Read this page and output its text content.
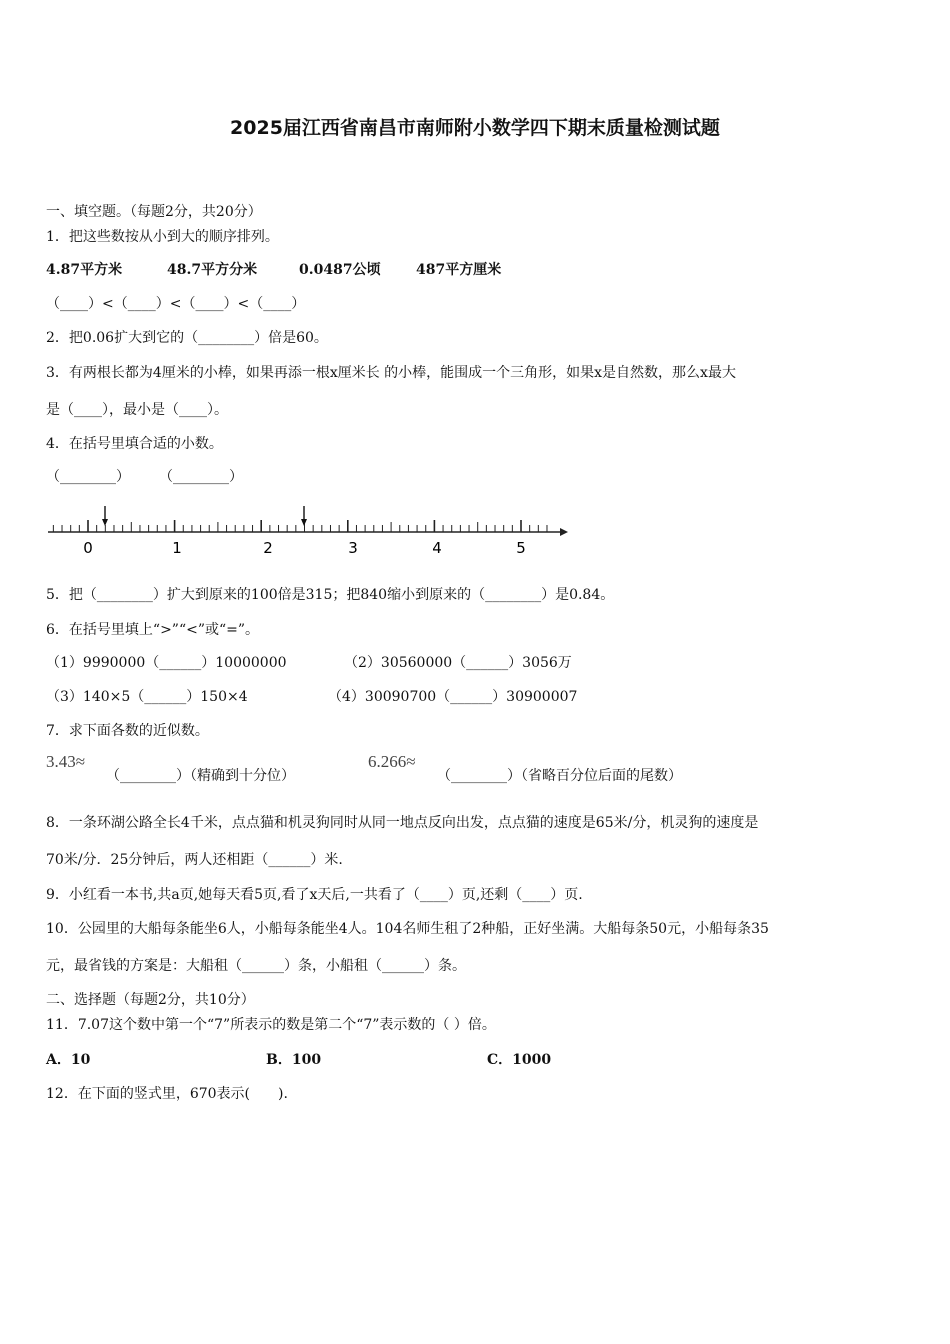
2025届江西省南昌市南师附小数学四下期末质量检测试题
一、填空题。（每题2分，共20分）
1．把这些数按从小到大的顺序排列。
4.87平方米	48.7平方分米	0.0487公顷	487平方厘米
（____）<（____）<（____）<（____）
2．把0.06扩大到它的（________）倍是60。
3．有两根长都为4厘米的小棒，如果再添一根x厘米长 的小棒，能围成一个三角形，如果x是自然数，那么x最大
是（____），最小是（____）。
4．在括号里填合适的小数。
（________） （________）
0	1	2	3	4	5
5．把（________）扩大到原来的100倍是315；把840缩小到原来的（________）是0.84。
6．在括号里填上“>”“<”或“=”。
（1）9990000（______）10000000	（2）30560000（______）3056万
（3）140×5（______）150×4	（4）30090700（______）30900007
7．求下面各数的近似数。
3.43≈
（________）（精确到十分位）
6.266≈
（________）（省略百分位后面的尾数）
8．一条环湖公路全长4千米，点点猫和机灵狗同时从同一地点反向出发，点点猫的速度是65米/分，机灵狗的速度是
70米/分．25分钟后，两人还相距（______）米.
9．小红看一本书,共a页,她每天看5页,看了x天后,一共看了（____）页,还剩（____）页.
10．公园里的大船每条能坐6人，小船每条能坐4人。104名师生租了2种船，正好坐满。大船每条50元，小船每条35
元，最省钱的方案是：大船租（______）条，小船租（______）条。
二、选择题（每题2分，共10分）
11．7.07这个数中第一个“7”所表示的数是第二个“7”表示数的（ ）倍。
A．10	B．100	C．1000
12．在下面的竖式里，670表示(　　).
